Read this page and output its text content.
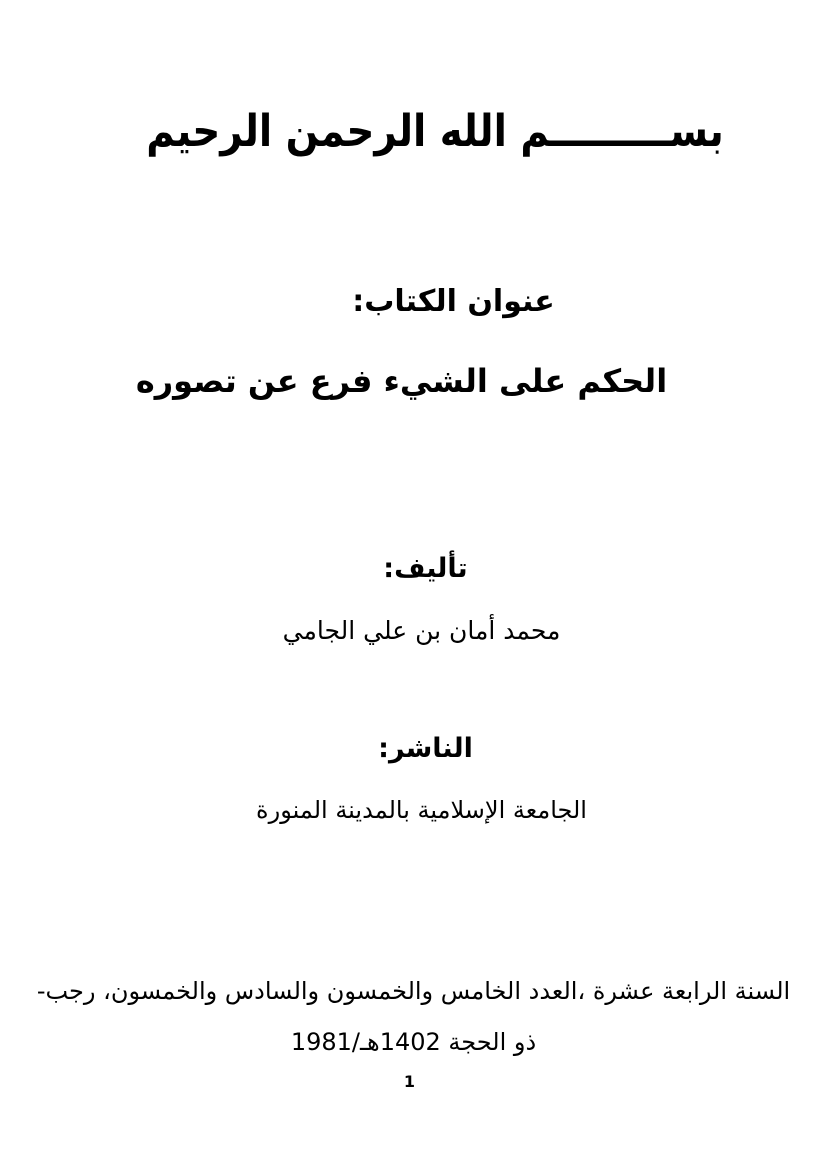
بســـــــــم الله الرحمن الرحيم
عنوان الكتاب:
الحكم على الشيء فرع عن تصوره
تأليف:
محمد أمان بن علي الجامي
الناشر:
الجامعة الإسلامية بالمدينة المنورة
السنة الرابعة عشرة ،العدد الخامس والخمسون والسادس والخمسون، رجب-
ذو الحجة 1402هـ/1981
1
